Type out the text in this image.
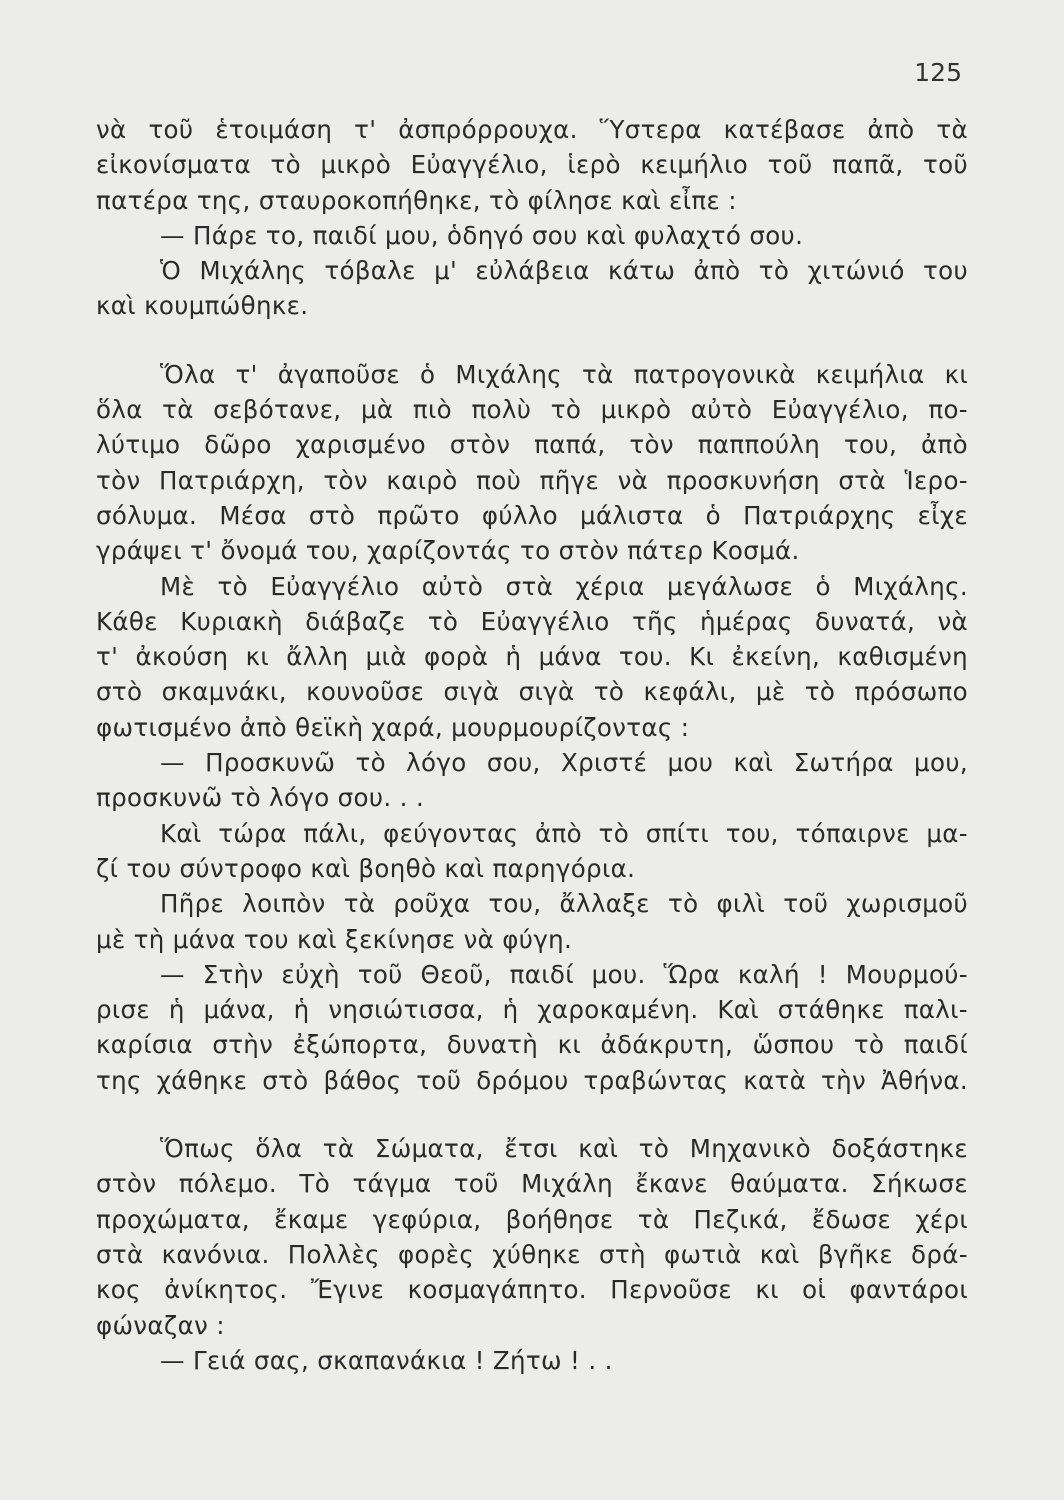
125
νὰ τοῦ ἑτοιμάση τ' ἀσπρόρρουχα. Ὕστερα κατέβασε ἀπὸ τὰ
εἰκονίσματα τὸ μικρὸ Εὐαγγέλιο, ἱερὸ κειμήλιο τοῦ παπᾶ, τοῦ
πατέρα της, σταυροκοπήθηκε, τὸ φίλησε καὶ εἶπε :
— Πάρε το, παιδί μου, ὁδηγό σου καὶ φυλαχτό σου.
Ὁ Μιχάλης τόβαλε μ' εὐλάβεια κάτω ἀπὸ τὸ χιτώνιό του
καὶ κουμπώθηκε.
Ὅλα τ' ἀγαποῦσε ὁ Μιχάλης τὰ πατρογονικὰ κειμήλια κι
ὅλα τὰ σεβότανε, μὰ πιὸ πολὺ τὸ μικρὸ αὐτὸ Εὐαγγέλιο, πο-
λύτιμο δῶρο χαρισμένο στὸν παπά, τὸν παππούλη του, ἀπὸ
τὸν Πατριάρχη, τὸν καιρὸ ποὺ πῆγε νὰ προσκυνήση στὰ Ἱερο-
σόλυμα. Μέσα στὸ πρῶτο φύλλο μάλιστα ὁ Πατριάρχης εἶχε
γράψει τ' ὄνομά του, χαρίζοντάς το στὸν πάτερ Κοσμά.
Μὲ τὸ Εὐαγγέλιο αὐτὸ στὰ χέρια μεγάλωσε ὁ Μιχάλης.
Κάθε Κυριακὴ διάβαζε τὸ Εὐαγγέλιο τῆς ἡμέρας δυνατά, νὰ
τ' ἀκούση κι ἄλλη μιὰ φορὰ ἡ μάνα του. Κι ἐκείνη, καθισμένη
στὸ σκαμνάκι, κουνοῦσε σιγὰ σιγὰ τὸ κεφάλι, μὲ τὸ πρόσωπο
φωτισμένο ἀπὸ θεϊκὴ χαρά, μουρμουρίζοντας :
— Προσκυνῶ τὸ λόγο σου, Χριστέ μου καὶ Σωτήρα μου,
προσκυνῶ τὸ λόγο σου. . .
Καὶ τώρα πάλι, φεύγοντας ἀπὸ τὸ σπίτι του, τόπαιρνε μα-
ζί του σύντροφο καὶ βοηθὸ καὶ παρηγόρια.
Πῆρε λοιπὸν τὰ ροῦχα του, ἄλλαξε τὸ φιλὶ τοῦ χωρισμοῦ
μὲ τὴ μάνα του καὶ ξεκίνησε νὰ φύγη.
— Στὴν εὐχὴ τοῦ Θεοῦ, παιδί μου. Ὥρα καλή ! Μουρμού-
ρισε ἡ μάνα, ἡ νησιώτισσα, ἡ χαροκαμένη. Καὶ στάθηκε παλι-
καρίσια στὴν ἐξώπορτα, δυνατὴ κι ἀδάκρυτη, ὥσπου τὸ παιδί
της χάθηκε στὸ βάθος τοῦ δρόμου τραβώντας κατὰ τὴν Ἀθήνα.
Ὅπως ὅλα τὰ Σώματα, ἔτσι καὶ τὸ Μηχανικὸ δοξάστηκε
στὸν πόλεμο. Τὸ τάγμα τοῦ Μιχάλη ἔκανε θαύματα. Σήκωσε
προχώματα, ἔκαμε γεφύρια, βοήθησε τὰ Πεζικά, ἔδωσε χέρι
στὰ κανόνια. Πολλὲς φορὲς χύθηκε στὴ φωτιὰ καὶ βγῆκε δρά-
κος ἀνίκητος. Ἔγινε κοσμαγάπητο. Περνοῦσε κι οἱ φαντάροι
φώναζαν :
— Γειά σας, σκαπανάκια ! Ζήτω ! . .
